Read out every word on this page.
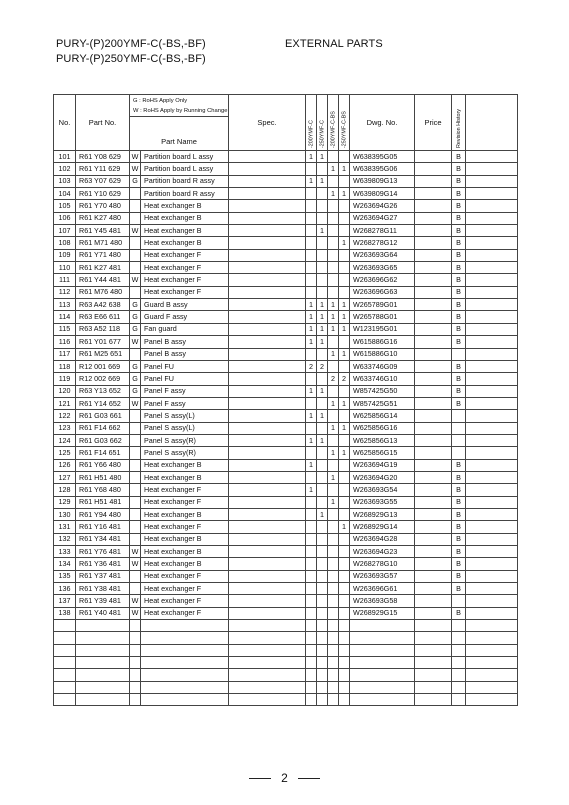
PURY-(P)200YMF-C(-BS,-BF)
PURY-(P)250YMF-C(-BS,-BF)
EXTERNAL PARTS
No.	Part No.	G : RoHS Apply Only
W : RoHS Apply by Running Change		Spec.	-200YMF-C	-250YMF-C	-200YMF-C-BS	-250YMF-C-BS	Dwg. No.	Price	Revision History	
		Part Name										
101	R61 Y08 629	W	Partition board L assy		1	1			W638395G05		B	
102	R61 Y11 629	W	Partition board L assy				1	1	W638395G06		B	
103	R63 Y07 629	G	Partition board R assy		1	1			W639809G13		B	
104	R61 Y10 629		Partition board R assy				1	1	W639809G14		B	
105	R61 Y70 480		Heat exchanger B						W263694G26		B	
106	R61 K27 480		Heat exchanger B						W263694G27		B	
107	R61 Y45 481	W	Heat exchanger B			1			W268278G11		B	
108	R61 M71 480		Heat exchanger B					1	W268278G12		B	
109	R61 Y71 480		Heat exchanger F						W263693G64		B	
110	R61 K27 481		Heat exchanger F						W263693G65		B	
111	R61 Y44 481	W	Heat exchanger F						W263696G62		B	
112	R61 M76 480		Heat exchanger F						W263696G63		B	
113	R63 A42 638	G	Guard B assy		1	1	1	1	W265789G01		B	
114	R63 E66 611	G	Guard F assy		1	1	1	1	W265788G01		B	
115	R63 A52 118	G	Fan guard		1	1	1	1	W123195G01		B	
116	R61 Y01 677	W	Panel B assy		1	1			W615886G16		B	
117	R61 M25 651		Panel B assy				1	1	W615886G10			
118	R12 001 669	G	Panel FU		2	2			W633746G09		B	
119	R12 002 669	G	Panel FU				2	2	W633746G10		B	
120	R63 Y13 652	G	Panel F assy		1	1			W857425G50		B	
121	R61 Y14 652	W	Panel F assy				1	1	W857425G51		B	
122	R61 G03 661		Panel S assy(L)		1	1			W625856G14			
123	R61 F14 662		Panel S assy(L)				1	1	W625856G16			
124	R61 G03 662		Panel S assy(R)		1	1			W625856G13			
125	R61 F14 651		Panel S assy(R)				1	1	W625856G15			
126	R61 Y66 480		Heat exchanger B		1				W263694G19		B	
127	R61 H51 480		Heat exchanger B				1		W263694G20		B	
128	R61 Y68 480		Heat exchanger F		1				W263693G54		B	
129	R61 H51 481		Heat exchanger F				1		W263693G55		B	
130	R61 Y94 480		Heat exchanger B			1			W268929G13		B	
131	R61 Y16 481		Heat exchanger F					1	W268929G14		B	
132	R61 Y34 481		Heat exchanger B						W263694G28		B	
133	R61 Y76 481	W	Heat exchanger B						W263694G23		B	
134	R61 Y36 481	W	Heat exchanger B						W268278G10		B	
135	R61 Y37 481		Heat exchanger F						W263693G57		B	
136	R61 Y38 481		Heat exchanger F						W263696G61		B	
137	R61 Y39 481	W	Heat exchanger F						W263693G58			
138	R61 Y40 481	W	Heat exchanger F						W268929G15		B	

2
